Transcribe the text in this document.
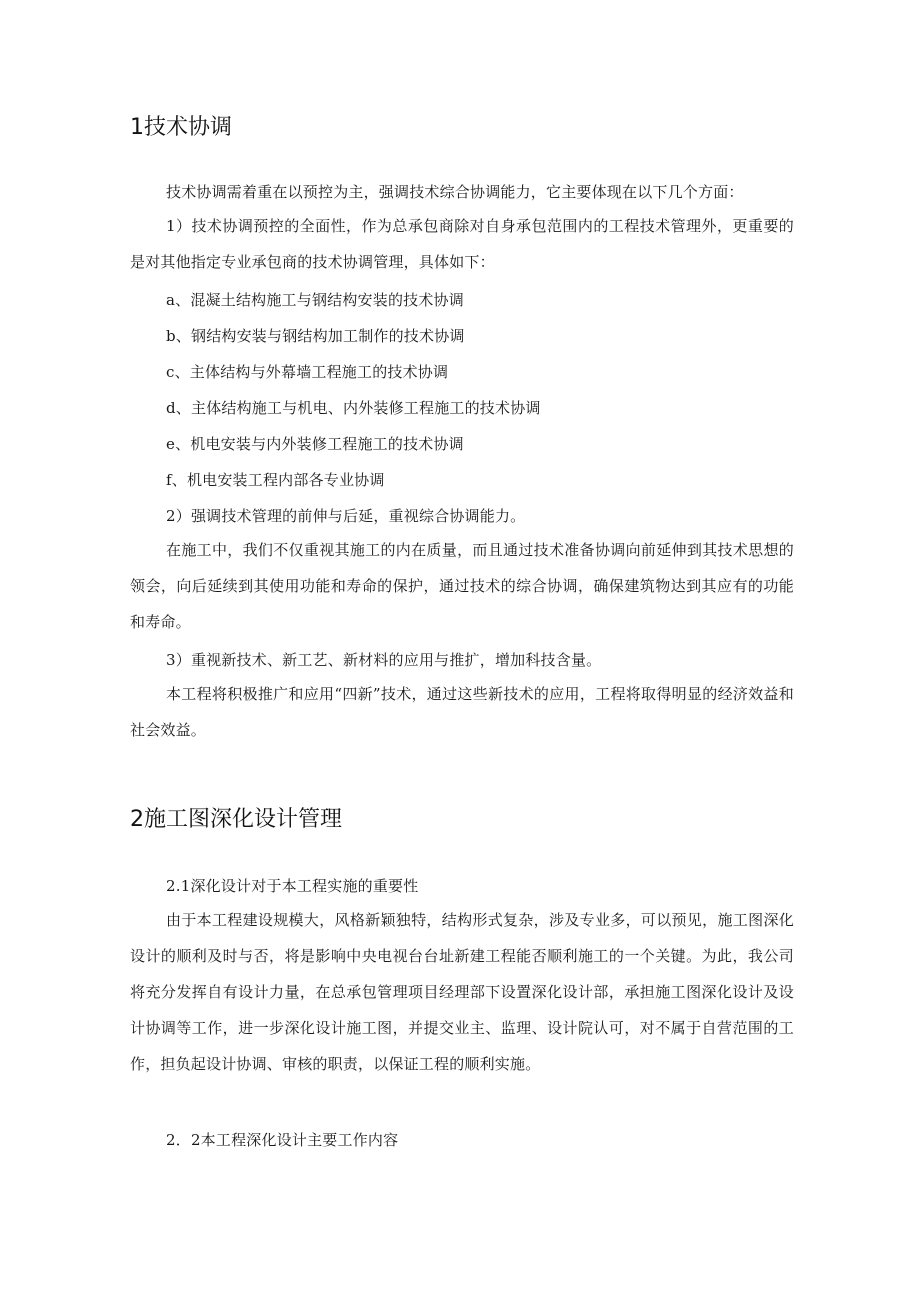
1技术协调
技术协调需着重在以预控为主，强调技术综合协调能力，它主要体现在以下几个方面：
1）技术协调预控的全面性，作为总承包商除对自身承包范围内的工程技术管理外，更重要的是对其他指定专业承包商的技术协调管理，具体如下：
a、混凝土结构施工与钢结构安装的技术协调
b、钢结构安装与钢结构加工制作的技术协调
c、主体结构与外幕墙工程施工的技术协调
d、主体结构施工与机电、内外装修工程施工的技术协调
e、机电安装与内外装修工程施工的技术协调
f、机电安装工程内部各专业协调
2）强调技术管理的前伸与后延，重视综合协调能力。
在施工中，我们不仅重视其施工的内在质量，而且通过技术准备协调向前延伸到其技术思想的领会，向后延续到其使用功能和寿命的保护，通过技术的综合协调，确保建筑物达到其应有的功能和寿命。
3）重视新技术、新工艺、新材料的应用与推扩，增加科技含量。
本工程将积极推广和应用“四新”技术，通过这些新技术的应用，工程将取得明显的经济效益和社会效益。
2施工图深化设计管理
2.1深化设计对于本工程实施的重要性
由于本工程建设规模大，风格新颖独特，结构形式复杂，涉及专业多，可以预见，施工图深化设计的顺利及时与否，将是影响中央电视台台址新建工程能否顺利施工的一个关键。为此，我公司将充分发挥自有设计力量，在总承包管理项目经理部下设置深化设计部，承担施工图深化设计及设计协调等工作，进一步深化设计施工图，并提交业主、监理、设计院认可，对不属于自营范围的工作，担负起设计协调、审核的职责，以保证工程的顺利实施。
2．2本工程深化设计主要工作内容
